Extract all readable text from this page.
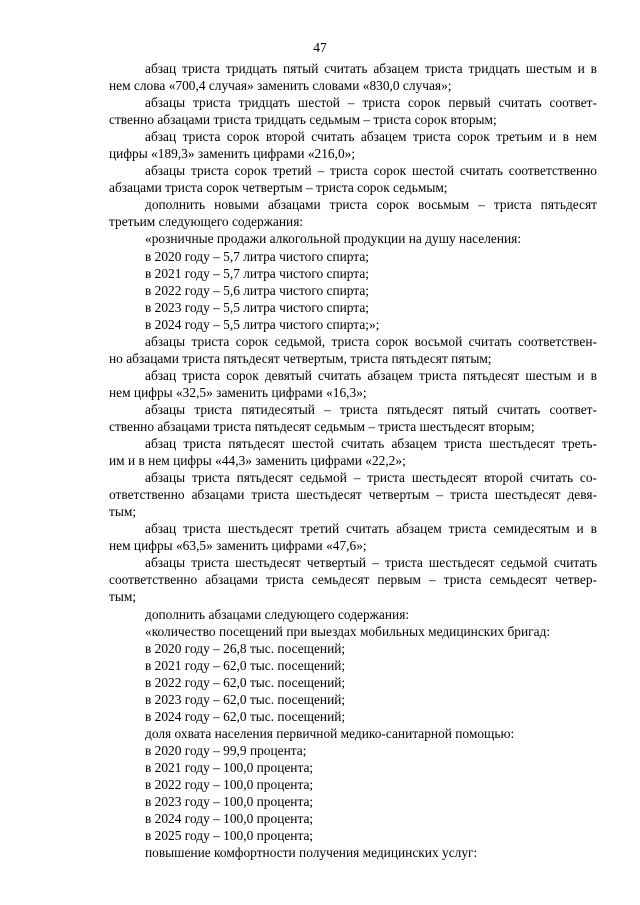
47
абзац триста тридцать пятый считать абзацем триста тридцать шестым и в
нем слова «700,4 случая» заменить словами «830,0 случая»;
абзацы триста тридцать шестой – триста сорок первый считать соответ-
ственно абзацами триста тридцать седьмым – триста сорок вторым;
абзац триста сорок второй считать абзацем триста сорок третьим и в нем
цифры «189,3» заменить цифрами «216,0»;
абзацы триста сорок третий – триста сорок шестой считать соответственно
абзацами триста сорок четвертым – триста сорок седьмым;
дополнить новыми абзацами триста сорок восьмым – триста пятьдесят
третьим следующего содержания:
«розничные продажи алкогольной продукции на душу населения:
в 2020 году – 5,7 литра чистого спирта;
в 2021 году – 5,7 литра чистого спирта;
в 2022 году – 5,6 литра чистого спирта;
в 2023 году – 5,5 литра чистого спирта;
в 2024 году – 5,5 литра чистого спирта;»;
абзацы триста сорок седьмой, триста сорок восьмой считать соответствен-
но абзацами триста пятьдесят четвертым, триста пятьдесят пятым;
абзац триста сорок девятый считать абзацем триста пятьдесят шестым и в
нем цифры «32,5» заменить цифрами «16,3»;
абзацы триста пятидесятый – триста пятьдесят пятый считать соответ-
ственно абзацами триста пятьдесят седьмым – триста шестьдесят вторым;
абзац триста пятьдесят шестой считать абзацем триста шестьдесят треть-
им и в нем цифры «44,3» заменить цифрами «22,2»;
абзацы триста пятьдесят седьмой – триста шестьдесят второй считать со-
ответственно абзацами триста шестьдесят четвертым – триста шестьдесят девя-
тым;
абзац триста шестьдесят третий считать абзацем триста семидесятым и в
нем цифры «63,5» заменить цифрами «47,6»;
абзацы триста шестьдесят четвертый – триста шестьдесят седьмой считать
соответственно абзацами триста семьдесят первым – триста семьдесят четвер-
тым;
дополнить абзацами следующего содержания:
«количество посещений при выездах мобильных медицинских бригад:
в 2020 году – 26,8 тыс. посещений;
в 2021 году – 62,0 тыс. посещений;
в 2022 году – 62,0 тыс. посещений;
в 2023 году – 62,0 тыс. посещений;
в 2024 году – 62,0 тыс. посещений;
доля охвата населения первичной медико-санитарной помощью:
в 2020 году – 99,9 процента;
в 2021 году – 100,0 процента;
в 2022 году – 100,0 процента;
в 2023 году – 100,0 процента;
в 2024 году – 100,0 процента;
в 2025 году – 100,0 процента;
повышение комфортности получения медицинских услуг:
